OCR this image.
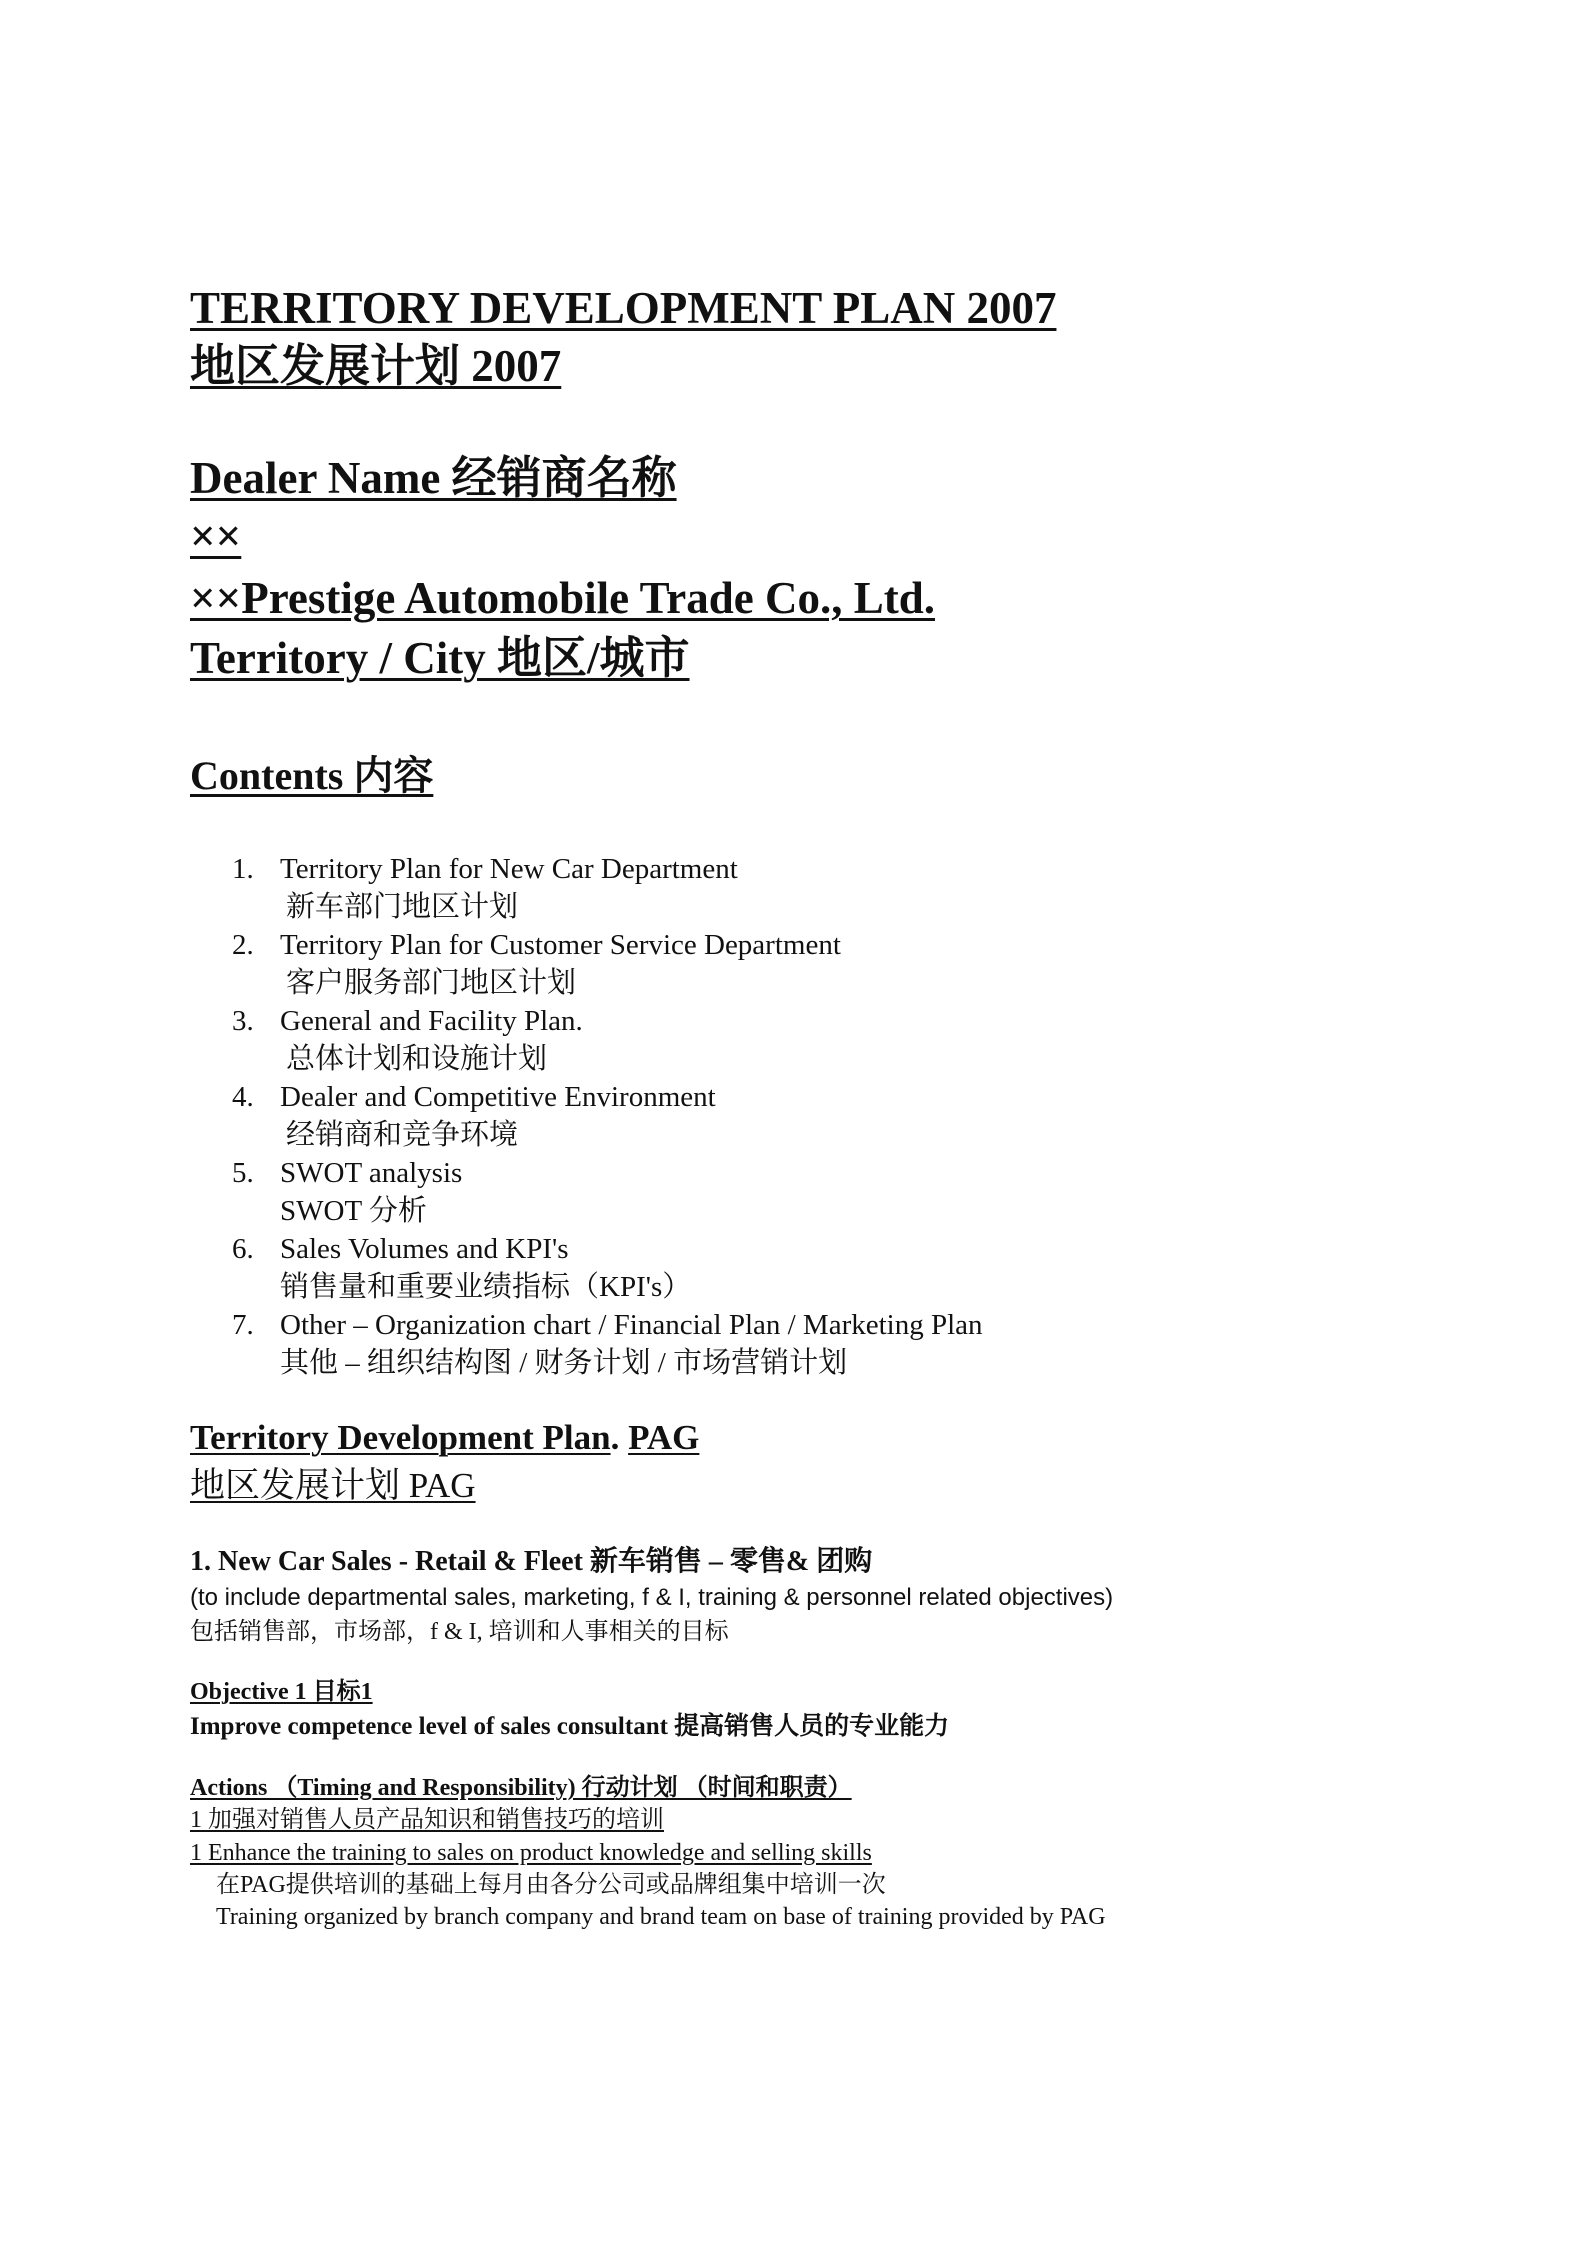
TERRITORY DEVELOPMENT PLAN 2007
地区发展计划 2007
Dealer Name 经销商名称
××
××Prestige Automobile Trade Co., Ltd.
Territory / City 地区/城市
Contents 内容
1. Territory Plan for New Car Department
新车部门地区计划
2. Territory Plan for Customer Service Department
客户服务部门地区计划
3. General and Facility Plan.
总体计划和设施计划
4. Dealer and Competitive Environment
经销商和竞争环境
5. SWOT analysis
SWOT 分析
6. Sales Volumes and KPI's
销售量和重要业绩指标（KPI's）
7. Other – Organization chart / Financial Plan / Marketing Plan
其他 – 组织结构图 / 财务计划 / 市场营销计划
Territory Development Plan. PAG
地区发展计划 PAG
1. New Car Sales - Retail & Fleet 新车销售 – 零售& 团购
(to include departmental sales, marketing, f & I, training & personnel related objectives)
包括销售部，市场部，f & I, 培训和人事相关的目标
Objective 1 目标1
Improve competence level of sales consultant 提高销售人员的专业能力
Actions （Timing and Responsibility) 行动计划 （时间和职责）
1 加强对销售人员产品知识和销售技巧的培训
1 Enhance the training to sales on product knowledge and selling skills
在PAG提供培训的基础上每月由各分公司或品牌组集中培训一次
Training organized by branch company and brand team on base of training provided by PAG
